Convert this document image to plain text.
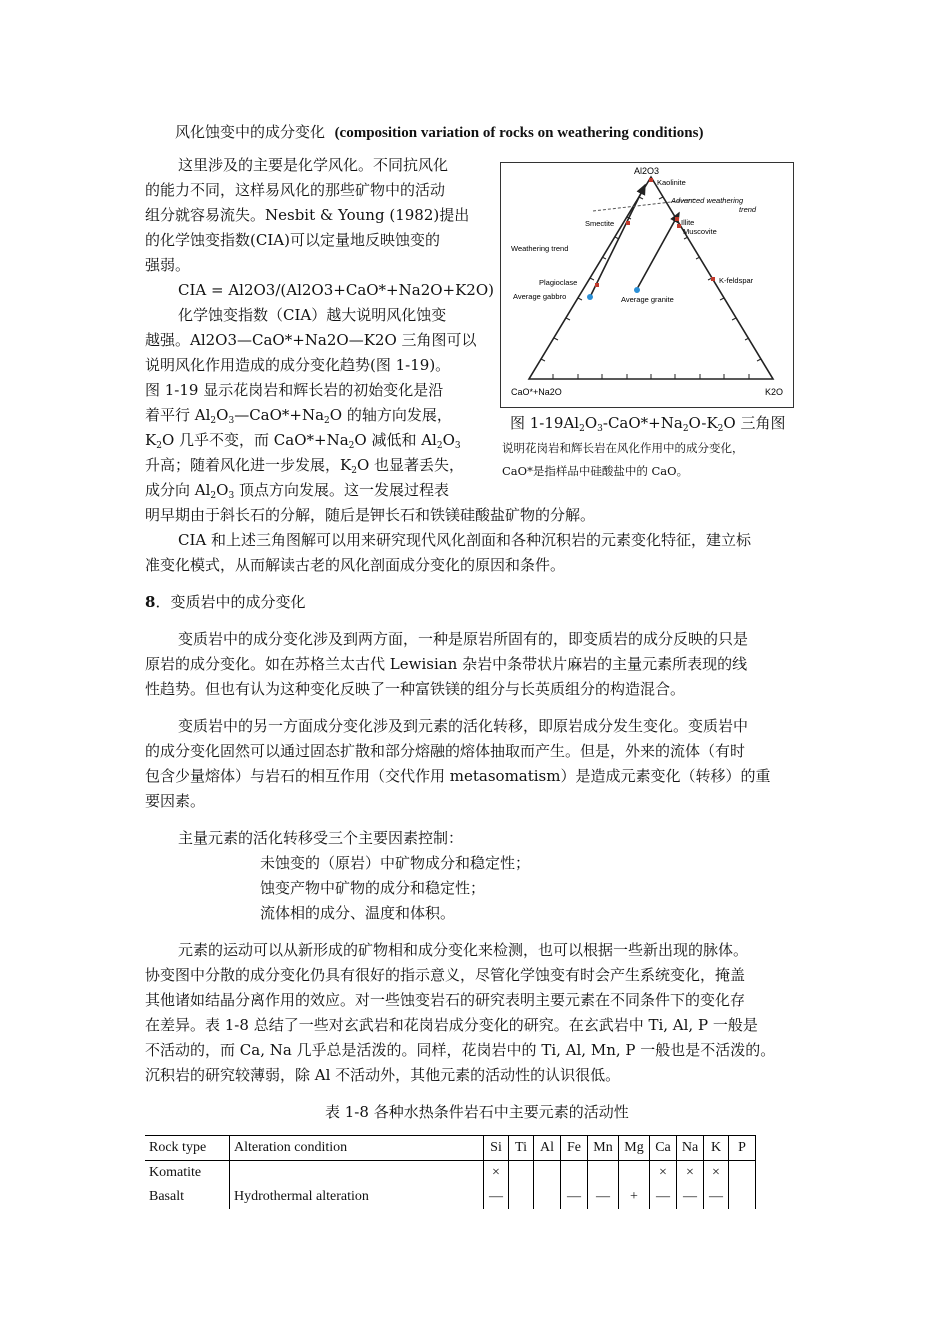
风化蚀变中的成分变化 (composition variation of rocks on weathering conditions)
这里涉及的主要是化学风化。不同抗风化
的能力不同，这样易风化的那些矿物中的活动
组分就容易流失。Nesbit & Young (1982)提出
的化学蚀变指数(CIA)可以定量地反映蚀变的
强弱。
CIA = Al2O3/(Al2O3+CaO*+Na2O+K2O)
化学蚀变指数（CIA）越大说明风化蚀变
越强。Al2O3—CaO*+Na2O—K2O 三角图可以
说明风化作用造成的成分变化趋势(图 1-19)。
图 1-19 显示花岗岩和辉长岩的初始变化是沿
着平行 $Al_2O_3—CaO*+Na_2O$ 的轴方向发展，
$K_2O$ 几乎不变，而 $CaO*+Na_2O$ 减低和 $Al_2O_3$
升高；随着风化进一步发展，$K_2O$ 也显著丢失，
成分向 $Al_2O_3$ 顶点方向发展。这一发展过程表
明早期由于斜长石的分解，随后是钾长石和铁镁硅酸盐矿物的分解。
Al2O3
Kaolinite
Advanced weathering
trend
Illite
Muscovite
Smectite
Weathering trend
Plagioclase
Average gabbro	Average granite
K-feldspar
CaO*+Na2O	K2O
图 $1-19Al_2O_3-CaO*+Na_2O-K_2O$ 三角图
说明花岗岩和辉长岩在风化作用中的成分变化，
CaO*是指样品中硅酸盐中的 CaO。
CIA 和上述三角图解可以用来研究现代风化剖面和各种沉积岩的元素变化特征，建立标
准变化模式，从而解读古老的风化剖面成分变化的原因和条件。
8．变质岩中的成分变化
变质岩中的成分变化涉及到两方面，一种是原岩所固有的，即变质岩的成分反映的只是
原岩的成分变化。如在苏格兰太古代 Lewisian 杂岩中条带状片麻岩的主量元素所表现的线
性趋势。但也有认为这种变化反映了一种富铁镁的组分与长英质组分的构造混合。
变质岩中的另一方面成分变化涉及到元素的活化转移，即原岩成分发生变化。变质岩中
的成分变化固然可以通过固态扩散和部分熔融的熔体抽取而产生。但是，外来的流体（有时
包含少量熔体）与岩石的相互作用（交代作用 metasomatism）是造成元素变化（转移）的重
要因素。
主量元素的活化转移受三个主要因素控制：
未蚀变的（原岩）中矿物成分和稳定性；
蚀变产物中矿物的成分和稳定性；
流体相的成分、温度和体积。
元素的运动可以从新形成的矿物相和成分变化来检测，也可以根据一些新出现的脉体。
协变图中分散的成分变化仍具有很好的指示意义，尽管化学蚀变有时会产生系统变化，掩盖
其他诸如结晶分离作用的效应。对一些蚀变岩石的研究表明主要元素在不同条件下的变化存
在差异。表 1-8 总结了一些对玄武岩和花岗岩成分变化的研究。在玄武岩中 Ti, Al, P 一般是
不活动的，而 Ca, Na 几乎总是活泼的。同样，花岗岩中的 Ti, Al, Mn, P 一般也是不活泼的。
沉积岩的研究较薄弱，除 Al 不活动外，其他元素的活动性的认识很低。
表 1-8 各种水热条件岩石中主要元素的活动性
Rock type	Alteration condition	Si	Ti	Al	Fe	Mn	Mg	Ca	Na	K	P
Komatite		×						×	×	×	
Basalt	Hydrothermal alteration	—			—	—	+	—	—	—	
